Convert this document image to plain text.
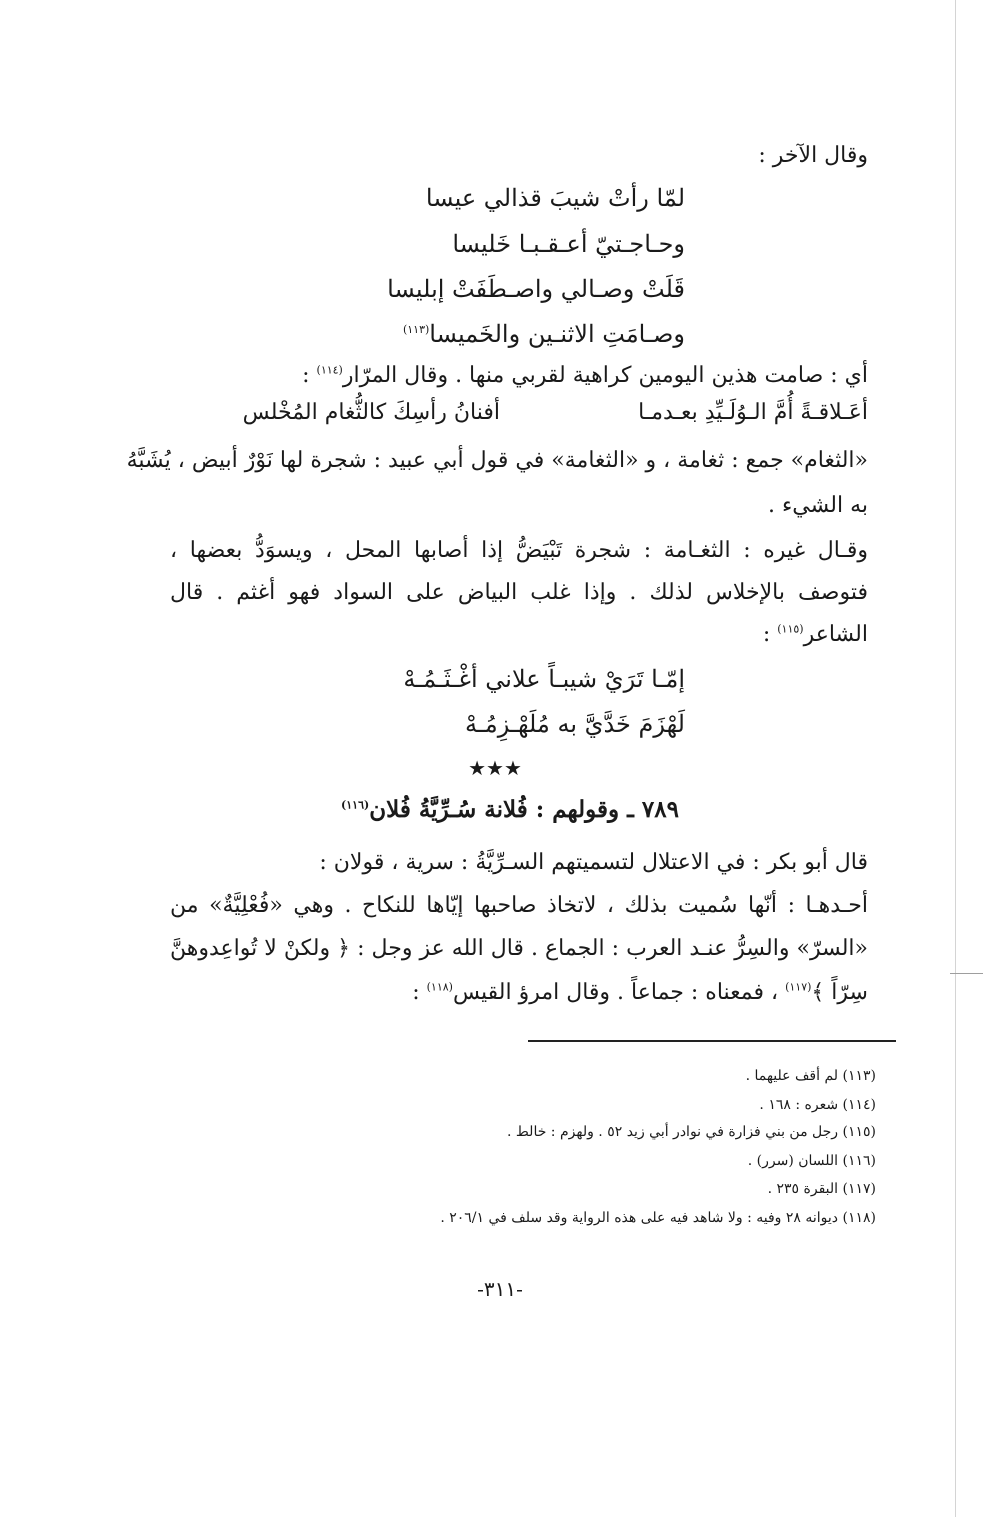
وقال الآخر :
لمّا رأتْ شيبَ قذالي عيسا
وحـاجـتيّ أعـقـبـا خَليسا
قَلَتْ وصـالي واصـطَفَتْ إبليسا
وصـامَتِ الاثنـين والخَميسا$^{(١١٣)}$
أي : صامت هذين اليومين كراهية لقربي منها . وقال المرّار$^{(١١٤)}$ :
أعَـلاقـةً أُمَّ الـوُلَـيِّدِ بعـدمـا
أفنانُ رأسِكَ كالثُّغام المُخْلس
«الثغام» جمع : ثغامة ، و «الثغامة» في قول أبي عبيد : شجرة لها نَوْرٌ أبيض ، يُشَبَّهُ
به الشيء .
وقـال غيره : الثغـامة : شجرة تَبْيَضُّ إذا أصابها المحل ، ويسوَدُّ بعضها ،
فتوصف بالإخلاس لذلك . وإذا غلب البياض على السواد فهو أغثم . قال
الشاعر$^{(١١٥)}$ :
إمّـا تَرَيْ شيبـاً علاني أغْـثَـمُـهْ
لَهْزَمَ خَدَّيَّ به مُلَهْـزِمُـهْ
★★★
٧٨٩ ـ وقولهم : فُلانة سُـرِّيَّةُ فُلان$^{(١١٦)}$
قال أبو بكر : في الاعتلال لتسميتهم السـرِّيَّةُ : سرية ، قولان :
أحـدهـا : أنّها سُميت بذلك ، لاتخاذ صاحبها إيّاها للنكاح . وهي «فُعْلِيَّةٌ» من
«السرّ» والسِرُّ عنـد العرب : الجماع . قال الله عز وجل : ﴿ ولكنْ لا تُواعِدوهنَّ
سِرّاً ﴾$^{(١١٧)}$ ، فمعناه : جماعاً . وقال امرؤ القيس$^{(١١٨)}$ :
(١١٣) لم أقف عليهما .
(١١٤) شعره : ١٦٨ .
(١١٥) رجل من بني فزارة في نوادر أبي زيد ٥٢ . ولهزم : خالط .
(١١٦) اللسان (سرر) .
(١١٧) البقرة ٢٣٥ .
(١١٨) ديوانه ٢٨ وفيه : ولا شاهد فيه على هذه الرواية وقد سلف في ٢٠٦/١ .
-٣١١-
